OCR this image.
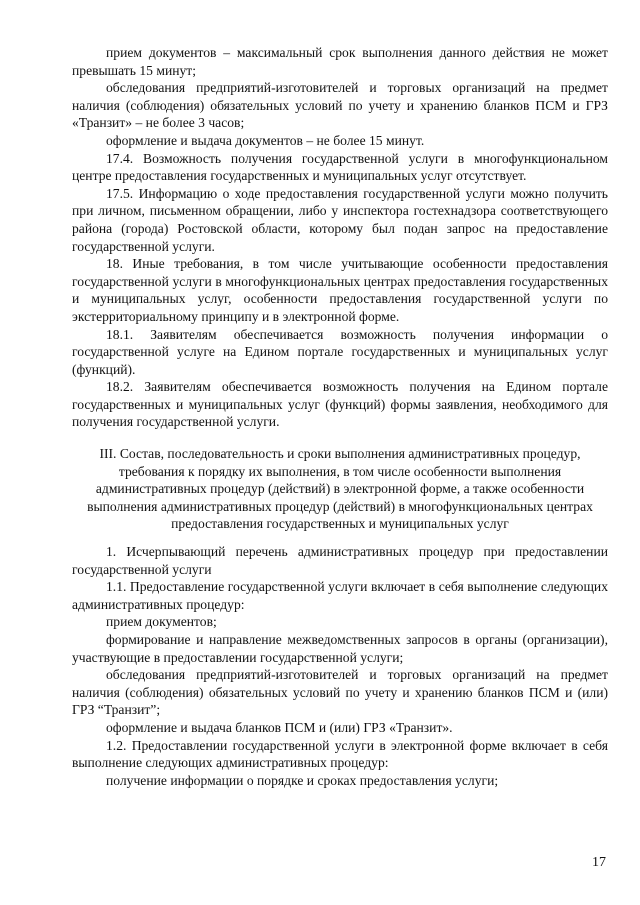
прием документов – максимальный срок выполнения данного действия не может превышать 15 минут;

обследования предприятий-изготовителей и торговых организаций на предмет наличия (соблюдения) обязательных условий по учету и хранению бланков ПСМ и ГРЗ «Транзит» – не более 3 часов;

оформление и выдача документов – не более 15 минут.

17.4. Возможность получения государственной услуги в многофункциональном центре предоставления государственных и муниципальных услуг отсутствует.

17.5. Информацию о ходе предоставления государственной услуги можно получить при личном, письменном обращении, либо у инспектора гостехнадзора соответствующего района (города) Ростовской области, которому был подан запрос на предоставление государственной услуги.

18. Иные требования, в том числе учитывающие особенности предоставления государственной услуги в многофункциональных центрах предоставления государственных и муниципальных услуг, особенности предоставления государственной услуги по экстерриториальному принципу и в электронной форме.

18.1. Заявителям обеспечивается возможность получения информации о государственной услуге на Едином портале государственных и муниципальных услуг (функций).

18.2. Заявителям обеспечивается возможность получения на Едином портале государственных и муниципальных услуг (функций) формы заявления, необходимого для получения государственной услуги.

III. Состав, последовательность и сроки выполнения административных процедур, требования к порядку их выполнения, в том числе особенности выполнения административных процедур (действий) в электронной форме, а также особенности выполнения административных процедур (действий) в многофункциональных центрах предоставления государственных и муниципальных услуг

1. Исчерпывающий перечень административных процедур при предоставлении государственной услуги

1.1. Предоставление государственной услуги включает в себя выполнение следующих административных процедур:

прием документов;

формирование и направление межведомственных запросов в органы (организации), участвующие в предоставлении государственной услуги;

обследования предприятий-изготовителей и торговых организаций на предмет наличия (соблюдения) обязательных условий по учету и хранению бланков ПСМ и (или) ГРЗ “Транзит”;

оформление и выдача бланков ПСМ и (или) ГРЗ «Транзит».

1.2. Предоставлении государственной услуги в электронной форме включает в себя выполнение следующих административных процедур:

получение информации о порядке и сроках предоставления услуги;

17
